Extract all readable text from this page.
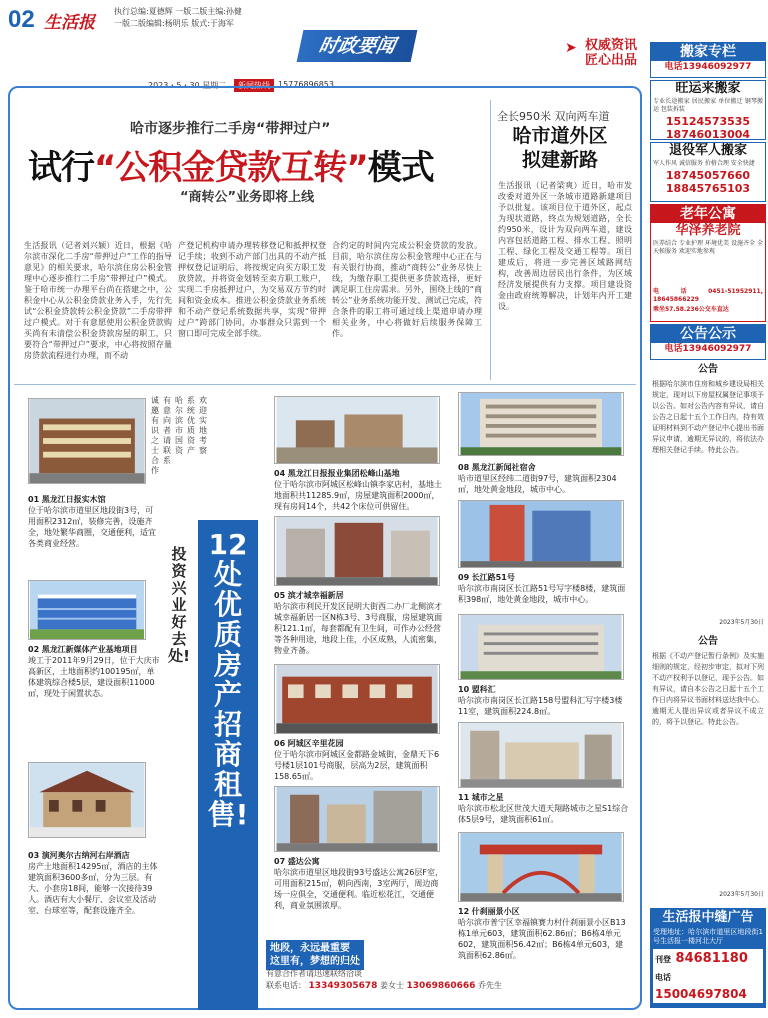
02 生活报
执行总编:夏德辉 一版二版主编:孙健
一版二版编辑:杨明乐 版式:于海军
时政要闻	➤ 权威资讯
匠心出品
2023・5・30 星期二	新闻热线	15776896853
哈市逐步推行二手房“带押过户”
试行“公积金贷款互转”模式
“商转公”业务即将上线
生活报讯（记者刘兴颖）近日，根据《哈尔滨市深化二手房“带押过户”工作的指导意见》的相关要求，哈尔滨住房公积金管理中心逐步推行二手房“带押过户”模式。鉴于哈市统一办理平台尚在搭建之中，公积金中心从公积金贷款业务入手，先行先试“公积金贷款转公积金贷款”二手房带押过户模式。对于有意愿使用公积金贷款购买尚有未清偿公积金贷款房屋的职工，只要符合“带押过户”要求，中心将按照存量房贷款流程进行办理，而不动
产登记机构申请办理转移登记和抵押权登记手续；收到不动产部门出具的不动产抵押权登记证明后，将按规定向买方职工发放贷款，并将资金划转至卖方职工账户，实现二手房抵押过户，为交易双方节约时间和资金成本。推进公积金贷款业务系统和不动产登记系统数据共享，实现“带押过户”跨部门协同，办事群众只需到一个窗口即可完成全部手续。
合约定的时间内完成公积金贷款的发放。目前，哈尔滨住房公积金管理中心正在与有关银行协商，推动“商转公”业务尽快上线，为缴存职工提供更多贷款选择，更好满足职工住房需求。另外，围绕上线的“商转公”业务系统功能开发、测试已完成，符合条件的职工将可通过线上渠道申请办理相关业务，中心将做好后续服务保障工作。
全长950米 双向两车道
哈市道外区
拟建新路
生活报讯（记者梁爽）近日，哈市发改委对道外区一条城市道路新建项目予以批复。该项目位于道外区，起点为现状道路，终点为规划道路，全长约950米，设计为双向两车道，建设内容包括道路工程、排水工程、照明工程、绿化工程及交通工程等。项目建成后，将进一步完善区域路网结构，改善周边居民出行条件，为区域经济发展提供有力支撑。项目建设资金由政府统筹解决，计划年内开工建设。
01 黑龙江日报实木馆
位于哈尔滨市道里区地段街3号，可用面积2312㎡，装修完善，设施齐全，地处繁华商圈，交通便利，适宜各类商业经营。
02 黑龙江新媒体产业基地项目
竣工于2011年9月29日，位于大庆市高新区，土地面积约100195㎡，单体建筑综合楼5层，建设面积11000㎡，现处于闲置状态。
03 演河奥尔古纳河右岸酒店
房产土地面积14295㎡，酒店的主体建筑面积3600多㎡，分为三层。有大、小套房18间，能够一次接待39人。酒店有大小餐厅、会议室及活动室、台球室等，配套设施齐全。
诚邀有识之士合作
有意向者请联系
哈尔滨市国资
系统优质资产
欢迎实地考察
投资兴业好去处!
12处优质房产招商租售!
04 黑龙江日报报业集团松峰山基地
位于哈尔滨市阿城区松峰山镇李家店村，基地土地面积共11285.9㎡，房屋建筑面积2000㎡，现有房间14个，共42个床位可供留住。
05 滨才城幸福新居
哈尔滨市利民开发区昆明大街西二办厂北侧滨才城幸福新居一区N栋3号、3号商服，房屋建筑面积121.1㎡，每套都配有卫生间，可作办公经营等各种用途，地段上佳，小区成熟，人流密集，物业齐备。
06 阿城区辛里花园
位于哈尔滨市阿城区金都路金城街，金鼎天下6号楼1层101号商服，层高为2层，建筑面积158.65㎡。
07 盛达公寓
哈尔滨市道里区地段街93号盛达公寓26层F室，可用面积215㎡，朝向西南，3室两厅，周边商场一应俱全，交通便利。临近松花江，交通便利，商业氛围浓厚。
08 黑龙江新闻社宿舍
哈市道里区经纬二道街97号，建筑面积2304㎡，地处黄金地段，城市中心。
09 长江路51号
哈尔滨市南岗区长江路51号写字楼8楼，建筑面积398㎡，地处黄金地段，城市中心。
10 盟科汇
哈尔滨市南岗区长江路158号盟科汇写字楼3楼11室，建筑面积224.8㎡。
11 城市之星
哈尔滨市松北区世茂大道天翔路城市之星S1综合体5层9号，建筑面积61㎡。
12 什刹丽景小区
哈尔滨市普宁区幸福镇赛力村什刹丽景小区B13栋1单元603，建筑面积62.86㎡；B6栋4单元602，建筑面积56.42㎡；B6栋4单元603，建筑面积62.86㎡。
地段，永远最重要
这里有，梦想的归处
有意合作者请迅速联络洽谈
联系电话： 13349305678 姜女士 13069860666 乔先生
搬家专栏
电话13946092977
旺运来搬家
专业长途搬家 居民搬家 单位搬迁 钢琴搬运 包装拆装
15124573535
18746013004
退役军人搬家
军人作风 诚信服务 价格合理 安全快捷
18745057660
18845765103
老年公寓
华泽养老院
医养结合 专业护理 环境优美 设施齐全 全天候服务 欢迎实地参观
电话0451-51952911, 18645866229
乘坐57.58.236公交车直达
公告公示
电话13946092977
公告
根据哈尔滨市住房和城乡建设局相关规定，现对以下房屋权属登记事项予以公告。如对公告内容有异议，请自公告之日起十五个工作日内，持有效证明材料到不动产登记中心提出书面异议申请，逾期无异议的，将依法办理相关登记手续。特此公告。
2023年5月30日
公告
根据《不动产登记暂行条例》及实施细则的规定，经初步审定，拟对下列不动产权利予以登记，现予公告。如有异议，请自本公告之日起十五个工作日内将异议书面材料送达我中心。逾期无人提出异议或者异议不成立的，将予以登记。特此公告。
2023年5月30日
生活报中缝广告
受理地址：哈尔滨市道里区地段街1号生活报一楼河北大厅
刊登 84681180
电话 15004697804
